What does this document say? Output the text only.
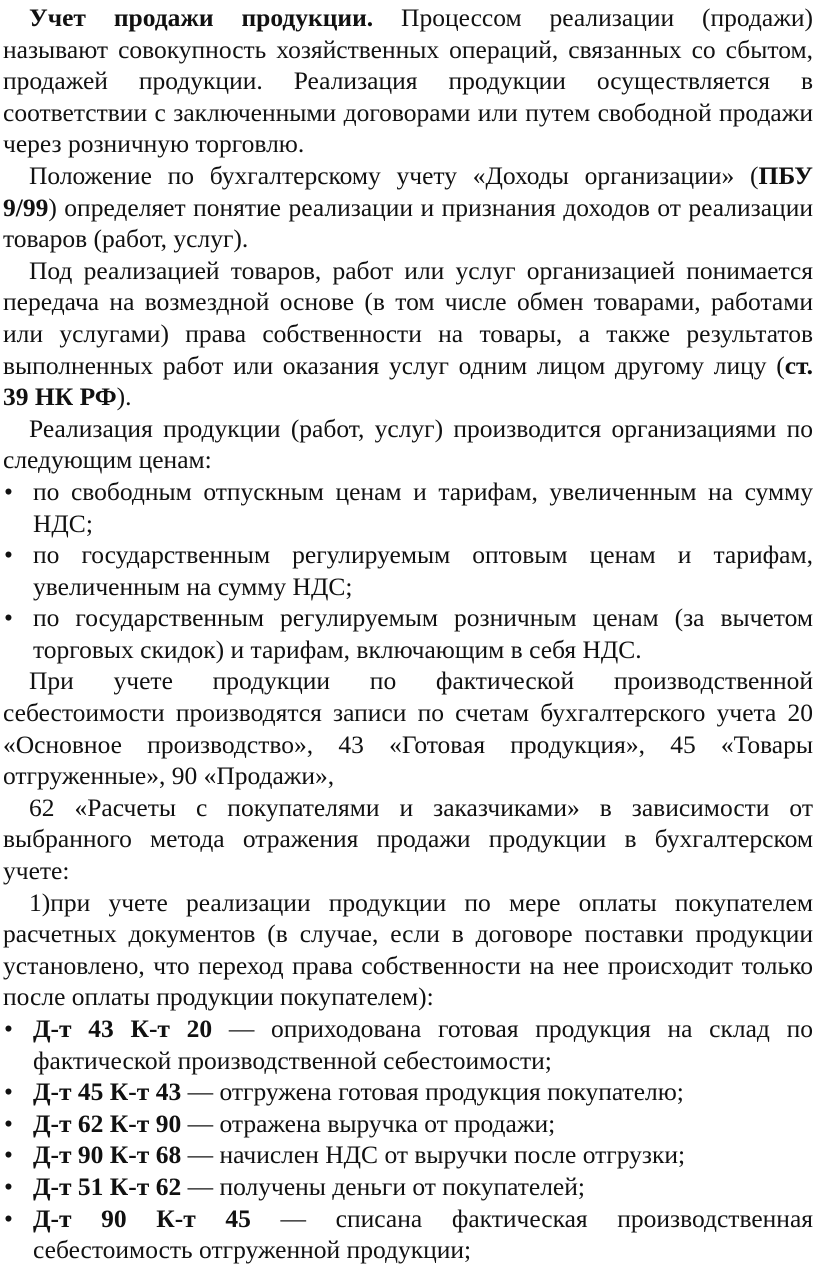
Учет продажи продукции. Процессом реализации (продажи) называют совокупность хозяйственных операций, связанных со сбытом, продажей продукции. Реализация продукции осуществляется в соответствии с заключенными договорами или путем свободной продажи через розничную торговлю.

Положение по бухгалтерскому учету «Доходы организации» (ПБУ 9/99) определяет понятие реализации и признания доходов от реализации товаров (работ, услуг).

Под реализацией товаров, работ или услуг организацией понимается передача на возмездной основе (в том числе обмен товарами, работами или услугами) права собственности на товары, а также результатов выполненных работ или оказания услуг одним лицом другому лицу (ст. 39 НК РФ).

Реализация продукции (работ, услуг) производится организациями по следующим ценам:

• по свободным отпускным ценам и тарифам, увеличенным на сумму НДС;
• по государственным регулируемым оптовым ценам и тарифам, увеличенным на сумму НДС;
• по государственным регулируемым розничным ценам (за вычетом торговых скидок) и тарифам, включающим в себя НДС.

При учете продукции по фактической производственной себестоимости производятся записи по счетам бухгалтерского учета 20 «Основное производство», 43 «Готовая продукция», 45 «Товары отгруженные», 90 «Продажи»,

62 «Расчеты с покупателями и заказчиками» в зависимости от выбранного метода отражения продажи продукции в бухгалтерском учете:

1)при учете реализации продукции по мере оплаты покупателем расчетных документов (в случае, если в договоре поставки продукции установлено, что переход права собственности на нее происходит только после оплаты продукции покупателем):

• Д-т 43 К-т 20 — оприходована готовая продукция на склад по фактической производственной себестоимости;
• Д-т 45 К-т 43 — отгружена готовая продукция покупателю;
• Д-т 62 К-т 90 — отражена выручка от продажи;
• Д-т 90 К-т 68 — начислен НДС от выручки после отгрузки;
• Д-т 51 К-т 62 — получены деньги от покупателей;
• Д-т 90 К-т 45 — списана фактическая производственная себестоимость отгруженной продукции;
